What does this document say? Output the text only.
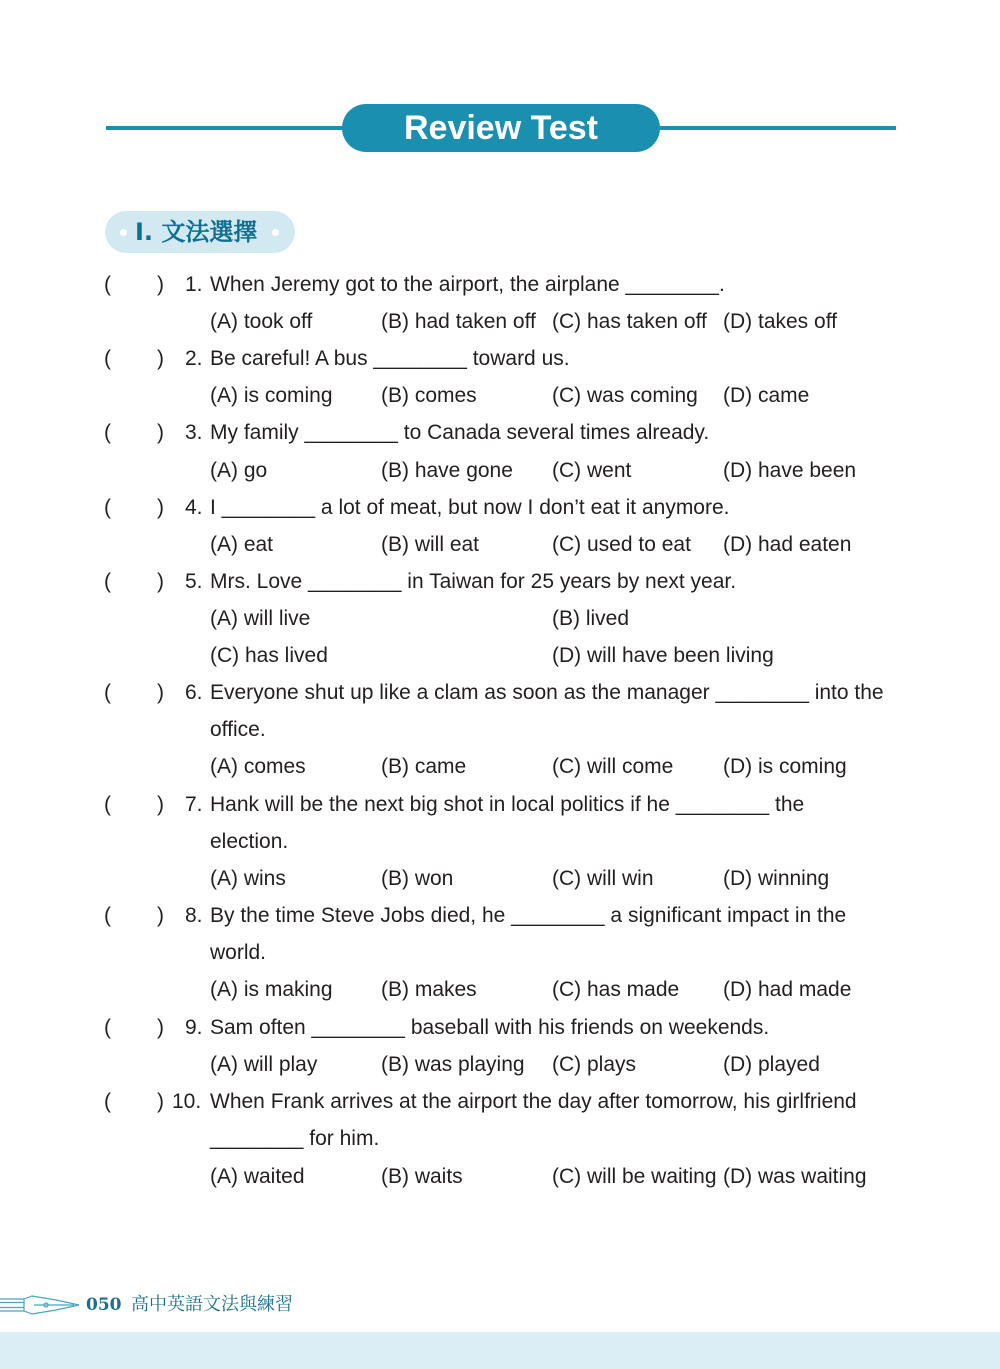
Review Test
I. 文法選擇
( ) 1. When Jeremy got to the airport, the airplane ________.
(A) took off	(B) had taken off (C) has taken off (D) takes off
( ) 2. Be careful! A bus ________ toward us.
(A) is coming (B) comes	(C) was coming (D) came
( ) 3. My family ________ to Canada several times already.
(A) go	(B) have gone (C) went	(D) have been
( ) 4. I ________ a lot of meat, but now I don’t eat it anymore.
(A) eat	(B) will eat	(C) used to eat (D) had eaten
( ) 5. Mrs. Love ________ in Taiwan for 25 years by next year.
(A) will live	(B) lived
(C) has lived	(D) will have been living
( ) 6. Everyone shut up like a clam as soon as the manager ________ into the
office.
(A) comes	(B) came	(C) will come (D) is coming
( ) 7. Hank will be the next big shot in local politics if he ________ the
election.
(A) wins	(B) won	(C) will win	(D) winning
( ) 8. By the time Steve Jobs died, he ________ a significant impact in the
world.
(A) is making (B) makes	(C) has made (D) had made
( ) 9. Sam often ________ baseball with his friends on weekends.
(A) will play	(B) was playing (C) plays	(D) played
( ) 10. When Frank arrives at the airport the day after tomorrow, his girlfriend
________ for him.
(A) waited	(B) waits	(C) will be waiting (D) was waiting
050 高中英語文法與練習
